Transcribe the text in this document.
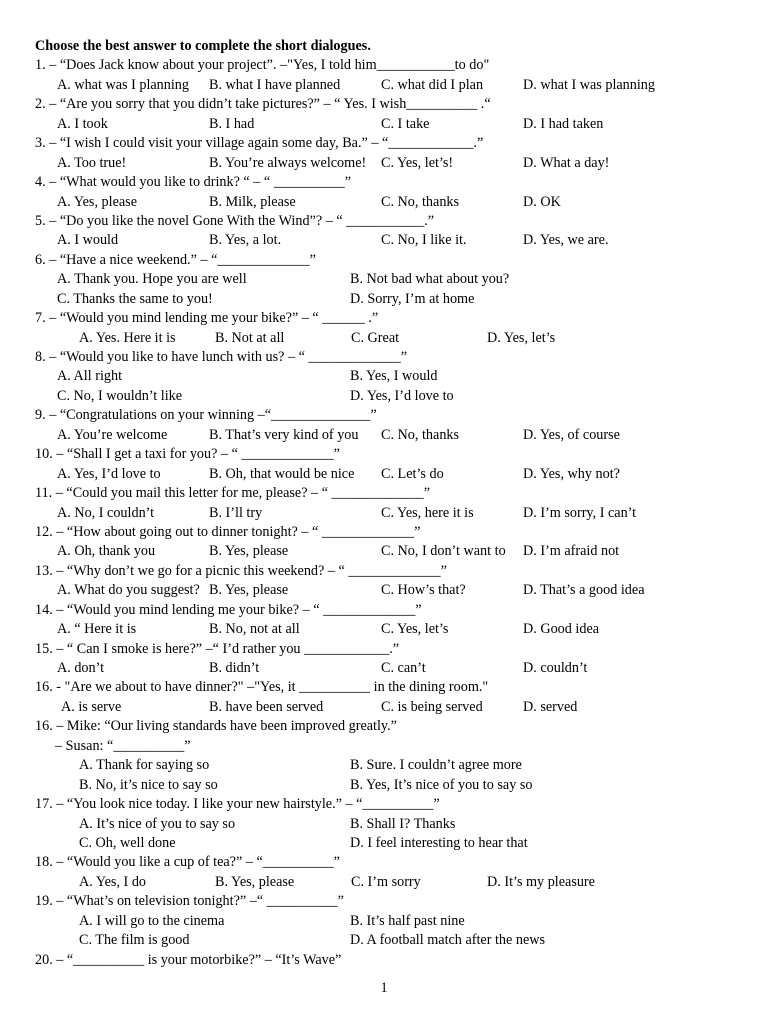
Choose the best answer to complete the short dialogues.
1. – “Does Jack know about your project”. –"Yes, I told him___________to do"
A. what was I planning B. what I have planned	C. what did I plan	D. what I was planning
2. – “Are you sorry that you didn’t take pictures?” – “ Yes. I wish__________ .“
A. I took	B. I had	C. I take	D. I had taken
3. – “I wish I could visit your village again some day, Ba.” – “____________.”
A. Too true!	B. You’re always welcome! C. Yes, let’s!	D. What a day!
4. – “What would you like to drink? “ – “ __________”
A. Yes, please	B. Milk, please	C. No, thanks	D. OK
5. – “Do you like the novel Gone With the Wind”? – “ ___________.”
A. I would	B. Yes, a lot.	C. No, I like it.	D. Yes, we are.
6. – “Have a nice weekend.” – “_____________”
A. Thank you. Hope you are well	B. Not bad what about you?
C. Thanks the same to you!	D. Sorry, I’m at home
7. – “Would you mind lending me your bike?” – “ ______ .”
A. Yes. Here it is	B. Not at all	C. Great	D. Yes, let’s
8. – “Would you like to have lunch with us? – “ _____________”
A. All right	B. Yes, I would
C. No, I wouldn’t like	D. Yes, I’d love to
9. – “Congratulations on your winning –“______________”
A. You’re welcome	B. That’s very kind of you C. No, thanks	D. Yes, of course
10. – “Shall I get a taxi for you? – “ _____________”
A. Yes, I’d love to	B. Oh, that would be nice C. Let’s do	D. Yes, why not?
11. – “Could you mail this letter for me, please? – “ _____________”
A. No, I couldn’t	B. I’ll try	C. Yes, here it is	D. I’m sorry, I can’t
12. – “How about going out to dinner tonight? – “ _____________”
A. Oh, thank you	B. Yes, please	C. No, I don’t want to D. I’m afraid not
13. – “Why don’t we go for a picnic this weekend? – “ _____________”
A. What do you suggest? B. Yes, please	C. How’s that?	D. That’s a good idea
14. – “Would you mind lending me your bike? – “ _____________”
A. “ Here it is	B. No, not at all	C. Yes, let’s	D. Good idea
15. – “ Can I smoke is here?” –“ I’d rather you ____________.”
A. don’t	B. didn’t	C. can’t	D. couldn’t
16. - "Are we about to have dinner?" –"Yes, it __________ in the dining room."
A. is serve	B. have been served	C. is being served	D. served
16. – Mike: “Our living standards have been improved greatly.”
– Susan: “__________”
A. Thank for saying so	B. Sure. I couldn’t agree more
B. No, it’s nice to say so	B. Yes, It’s nice of you to say so
17. – “You look nice today. I like your new hairstyle.” – “__________”
A. It’s nice of you to say so	B. Shall I? Thanks
C. Oh, well done	D. I feel interesting to hear that
18. – “Would you like a cup of tea?” – “__________”
A. Yes, I do	B. Yes, please	C. I’m sorry	D. It’s my pleasure
19. – “What’s on television tonight?” –“ __________”
A. I will go to the cinema	B. It’s half past nine
C. The film is good	D. A football match after the news
20. – “__________ is your motorbike?” – “It’s Wave”
1
